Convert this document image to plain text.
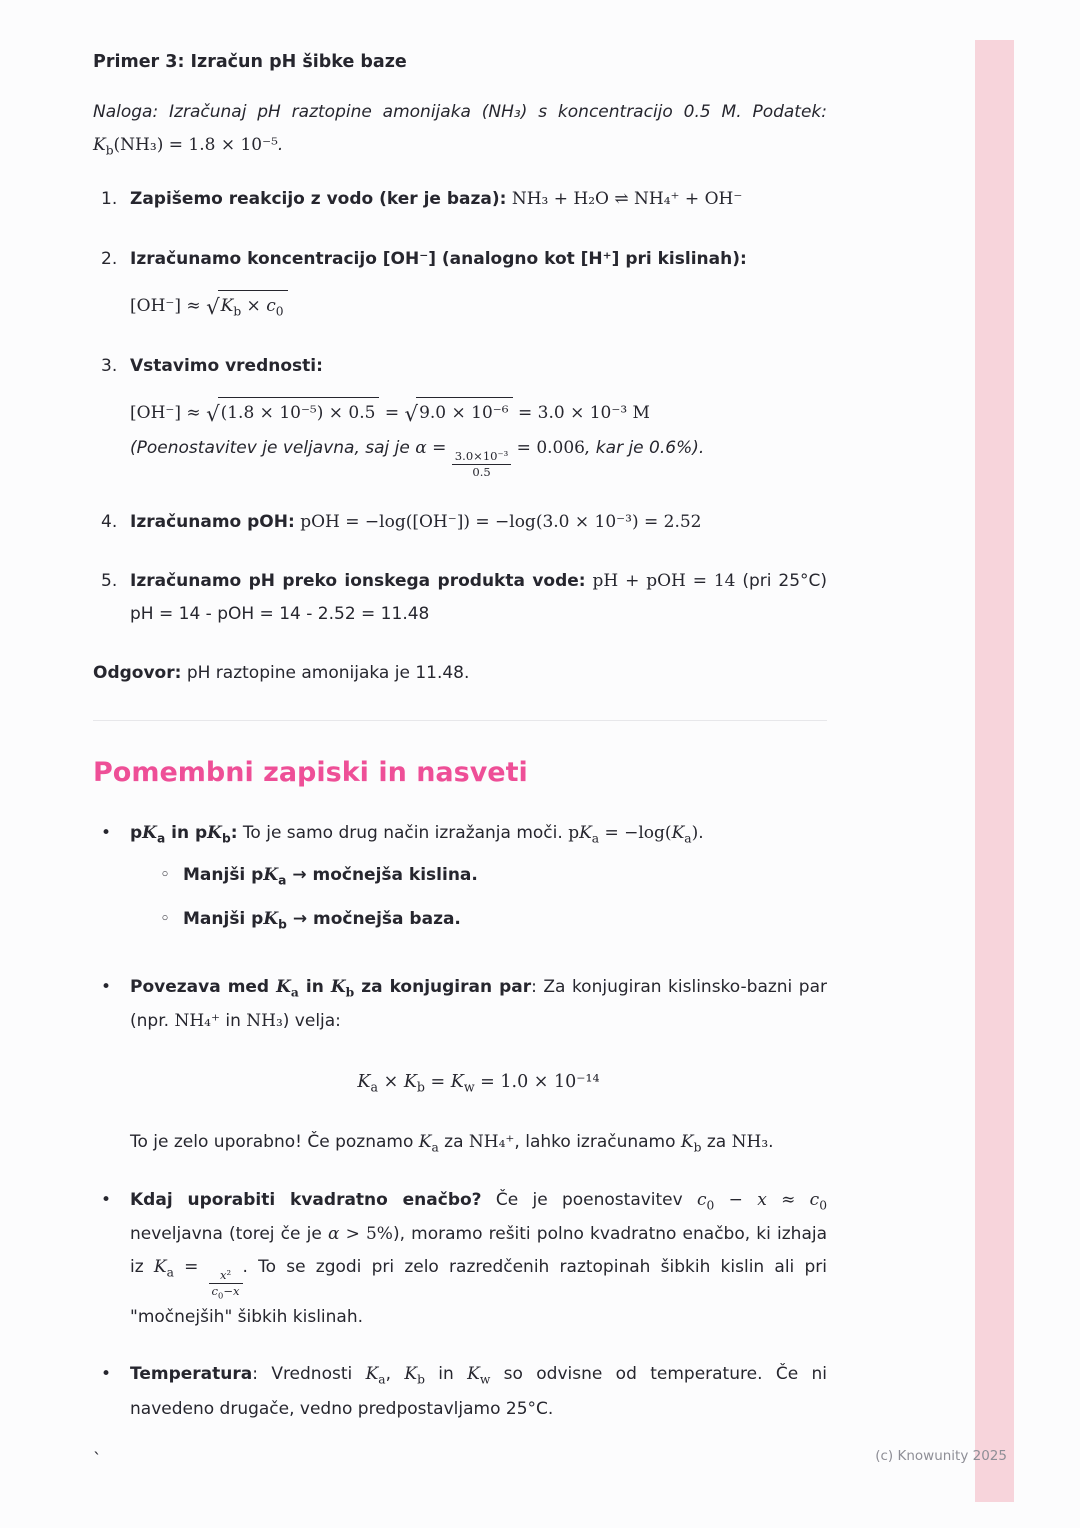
Primer 3: Izračun pH šibke baze

Naloga: Izračunaj pH raztopine amonijaka (NH₃) s koncentracijo 0.5 M. Podatek: $K_b(NH_3) = 1.8 \times 10^{-5}$.

1. Zapišemo reakcijo z vodo (ker je baza): NH₃ + H₂O ⇌ NH₄⁺ + OH⁻
2. Izračunamo koncentracijo [OH⁻] (analogno kot [H⁺] pri kislinah):
$[OH^-] \approx √K_b \times c_0$
3. Vstavimo vrednosti:
[OH⁻] ≈ √(1.8 × 10⁻⁵) × 0.5 = √9.0 × 10⁻⁶ = 3.0 × 10⁻³ M
(Poenostavitev je veljavna, saj je α =
$\frac{\text{3.0×10⁻³}}{0.5}$
= 0.006, kar je 0.6%).
4. Izračunamo pOH: pOH = −log([OH⁻]) = −log(3.0 × 10⁻³) = 2.52
5. Izračunamo pH preko ionskega produkta vode: pH + pOH = 14 (pri 25°C) pH = 14 - pOH = 14 - 2.52 = 11.48

Odgovor: pH raztopine amonijaka je 11.48.

Pomembni zapiski in nasveti
•	$pK_a$ in $pK_b$: To je samo drug način izražanja moči. $pK_a = -\log(K_a)$.
◦ Manjši $pK_a$ → močnejša kislina.
◦ Manjši $pK_b$ → močnejša baza.
•	Povezava med $K_a$ in $K_b$ za konjugiran par: Za konjugiran kislinsko-bazni par (npr. NH₄⁺ in NH₃) velja:
$K_a \times K_b = K_w = 1.0 \times 10^{-14}$
To je zelo uporabno! Če poznamo $K_a$ za NH₄⁺, lahko izračunamo $K_b$ za NH₃.
•	Kdaj uporabiti kvadratno enačbo? Če je poenostavitev $c_0 - x \approx c_0$ neveljavna (torej če je α > 5%), moramo rešiti polno kvadratno enačbo, ki izhaja iz $K_a$ =
$\frac{\text{x²}}{c_0-x}$
. To se zgodi pri zelo razredčenih raztopinah šibkih kislin ali pri "močnejših" šibkih kislinah.
•	Temperatura: Vrednosti $K_a$, $K_b$ in $K_w$ so odvisne od temperature. Če ni navedeno drugače, vedno predpostavljamo 25°C.
`	(c) Knowunity 2025
